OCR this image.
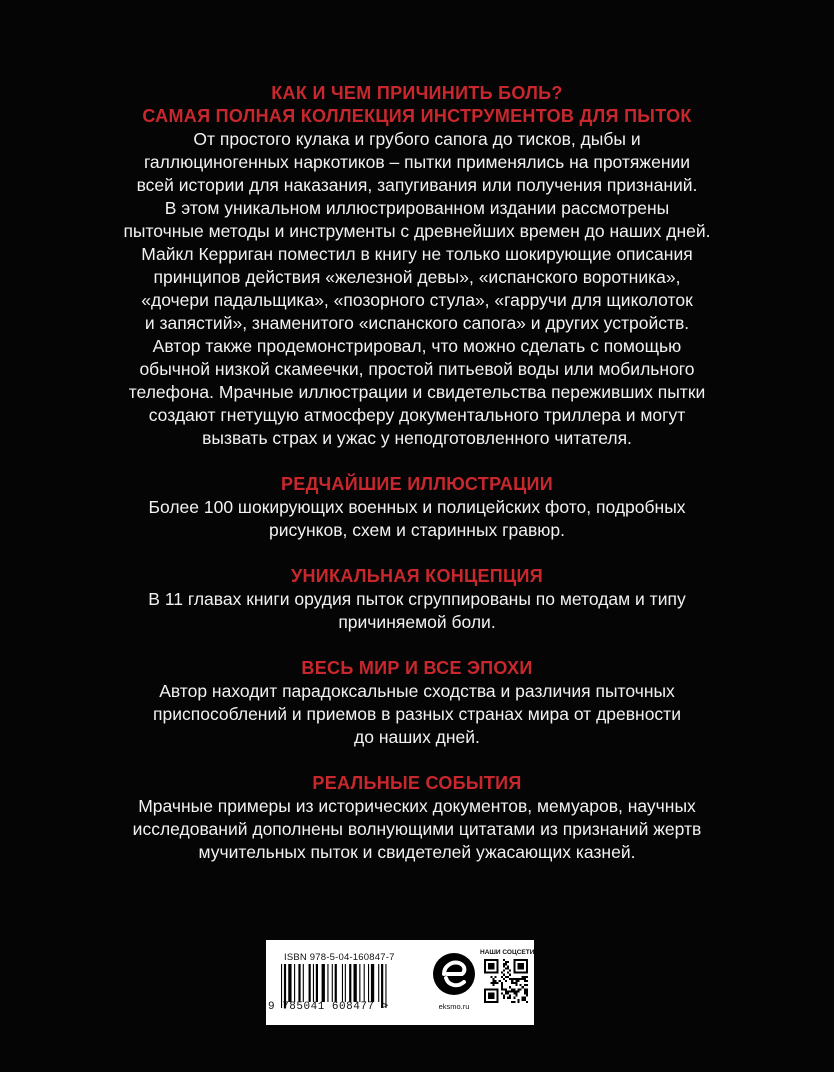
КАК И ЧЕМ ПРИЧИНИТЬ БОЛЬ?

САМАЯ ПОЛНАЯ КОЛЛЕКЦИЯ ИНСТРУМЕНТОВ ДЛЯ ПЫТОК

От простого кулака и грубого сапога до тисков, дыбы и
галлюциногенных наркотиков – пытки применялись на протяжении
всей истории для наказания, запугивания или получения признаний.
В этом уникальном иллюстрированном издании рассмотрены
пыточные методы и инструменты с древнейших времен до наших дней.
Майкл Керриган поместил в книгу не только шокирующие описания
принципов действия «железной девы», «испанского воротника»,
«дочери падальщика», «позорного стула», «гарручи для щиколоток
и запястий», знаменитого «испанского сапога» и других устройств.
Автор также продемонстрировал, что можно сделать с помощью
обычной низкой скамеечки, простой питьевой воды или мобильного
телефона. Мрачные иллюстрации и свидетельства переживших пытки
создают гнетущую атмосферу документального триллера и могут
вызвать страх и ужас у неподготовленного читателя.

РЕДЧАЙШИЕ ИЛЛЮСТРАЦИИ

Более 100 шокирующих военных и полицейских фото, подробных
рисунков, схем и старинных гравюр.

УНИКАЛЬНАЯ КОНЦЕПЦИЯ

В 11 главах книги орудия пыток сгруппированы по методам и типу
причиняемой боли.

ВЕСЬ МИР И ВСЕ ЭПОХИ

Автор находит парадоксальные сходства и различия пыточных
приспособлений и приемов в разных странах мира от древности
до наших дней.

РЕАЛЬНЫЕ СОБЫТИЯ

Мрачные примеры из исторических документов, мемуаров, научных
исследований дополнены волнующими цитатами из признаний жертв
мучительных пыток и свидетелей ужасающих казней.

ISBN 978-5-04-160847-7
9 785041 608477 >	eksmo.ru
НАШИ СОЦСЕТИ
